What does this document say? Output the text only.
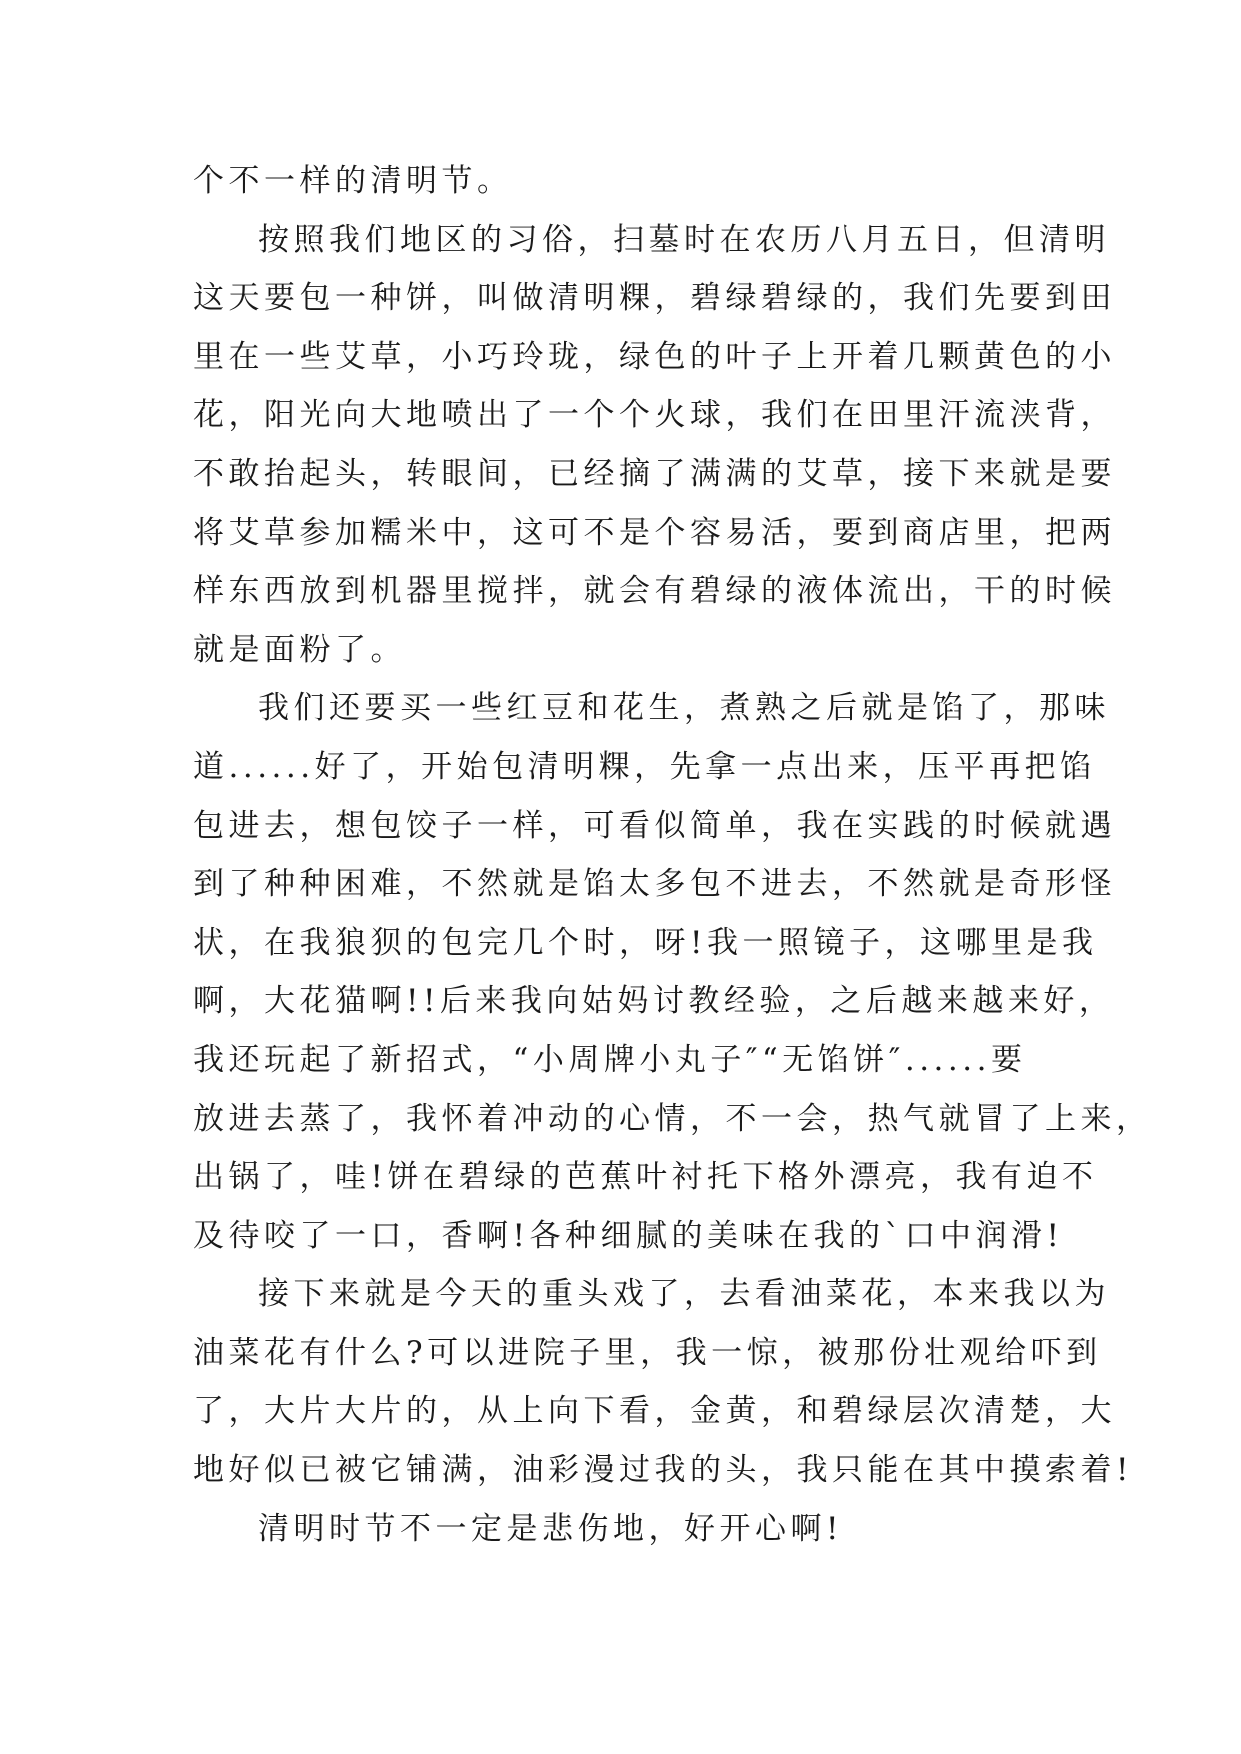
个不一样的清明节。
按照我们地区的习俗，扫墓时在农历八月五日，但清明
这天要包一种饼，叫做清明粿，碧绿碧绿的，我们先要到田
里在一些艾草，小巧玲珑，绿色的叶子上开着几颗黄色的小
花，阳光向大地喷出了一个个火球，我们在田里汗流浃背，
不敢抬起头，转眼间，已经摘了满满的艾草，接下来就是要
将艾草参加糯米中，这可不是个容易活，要到商店里，把两
样东西放到机器里搅拌，就会有碧绿的液体流出，干的时候
就是面粉了。
我们还要买一些红豆和花生，煮熟之后就是馅了，那味
道......好了，开始包清明粿，先拿一点出来，压平再把馅
包进去，想包饺子一样，可看似简单，我在实践的时候就遇
到了种种困难，不然就是馅太多包不进去，不然就是奇形怪
状，在我狼狈的包完几个时，呀!我一照镜子，这哪里是我
啊，大花猫啊!!后来我向姑妈讨教经验，之后越来越来好，
我还玩起了新招式，“小周牌小丸子″“无馅饼″......要
放进去蒸了，我怀着冲动的心情，不一会，热气就冒了上来，
出锅了，哇!饼在碧绿的芭蕉叶衬托下格外漂亮，我有迫不
及待咬了一口，香啊!各种细腻的美味在我的`口中润滑!
接下来就是今天的重头戏了，去看油菜花，本来我以为
油菜花有什么?可以进院子里，我一惊，被那份壮观给吓到
了，大片大片的，从上向下看，金黄，和碧绿层次清楚，大
地好似已被它铺满，油彩漫过我的头，我只能在其中摸索着!
清明时节不一定是悲伤地，好开心啊!
